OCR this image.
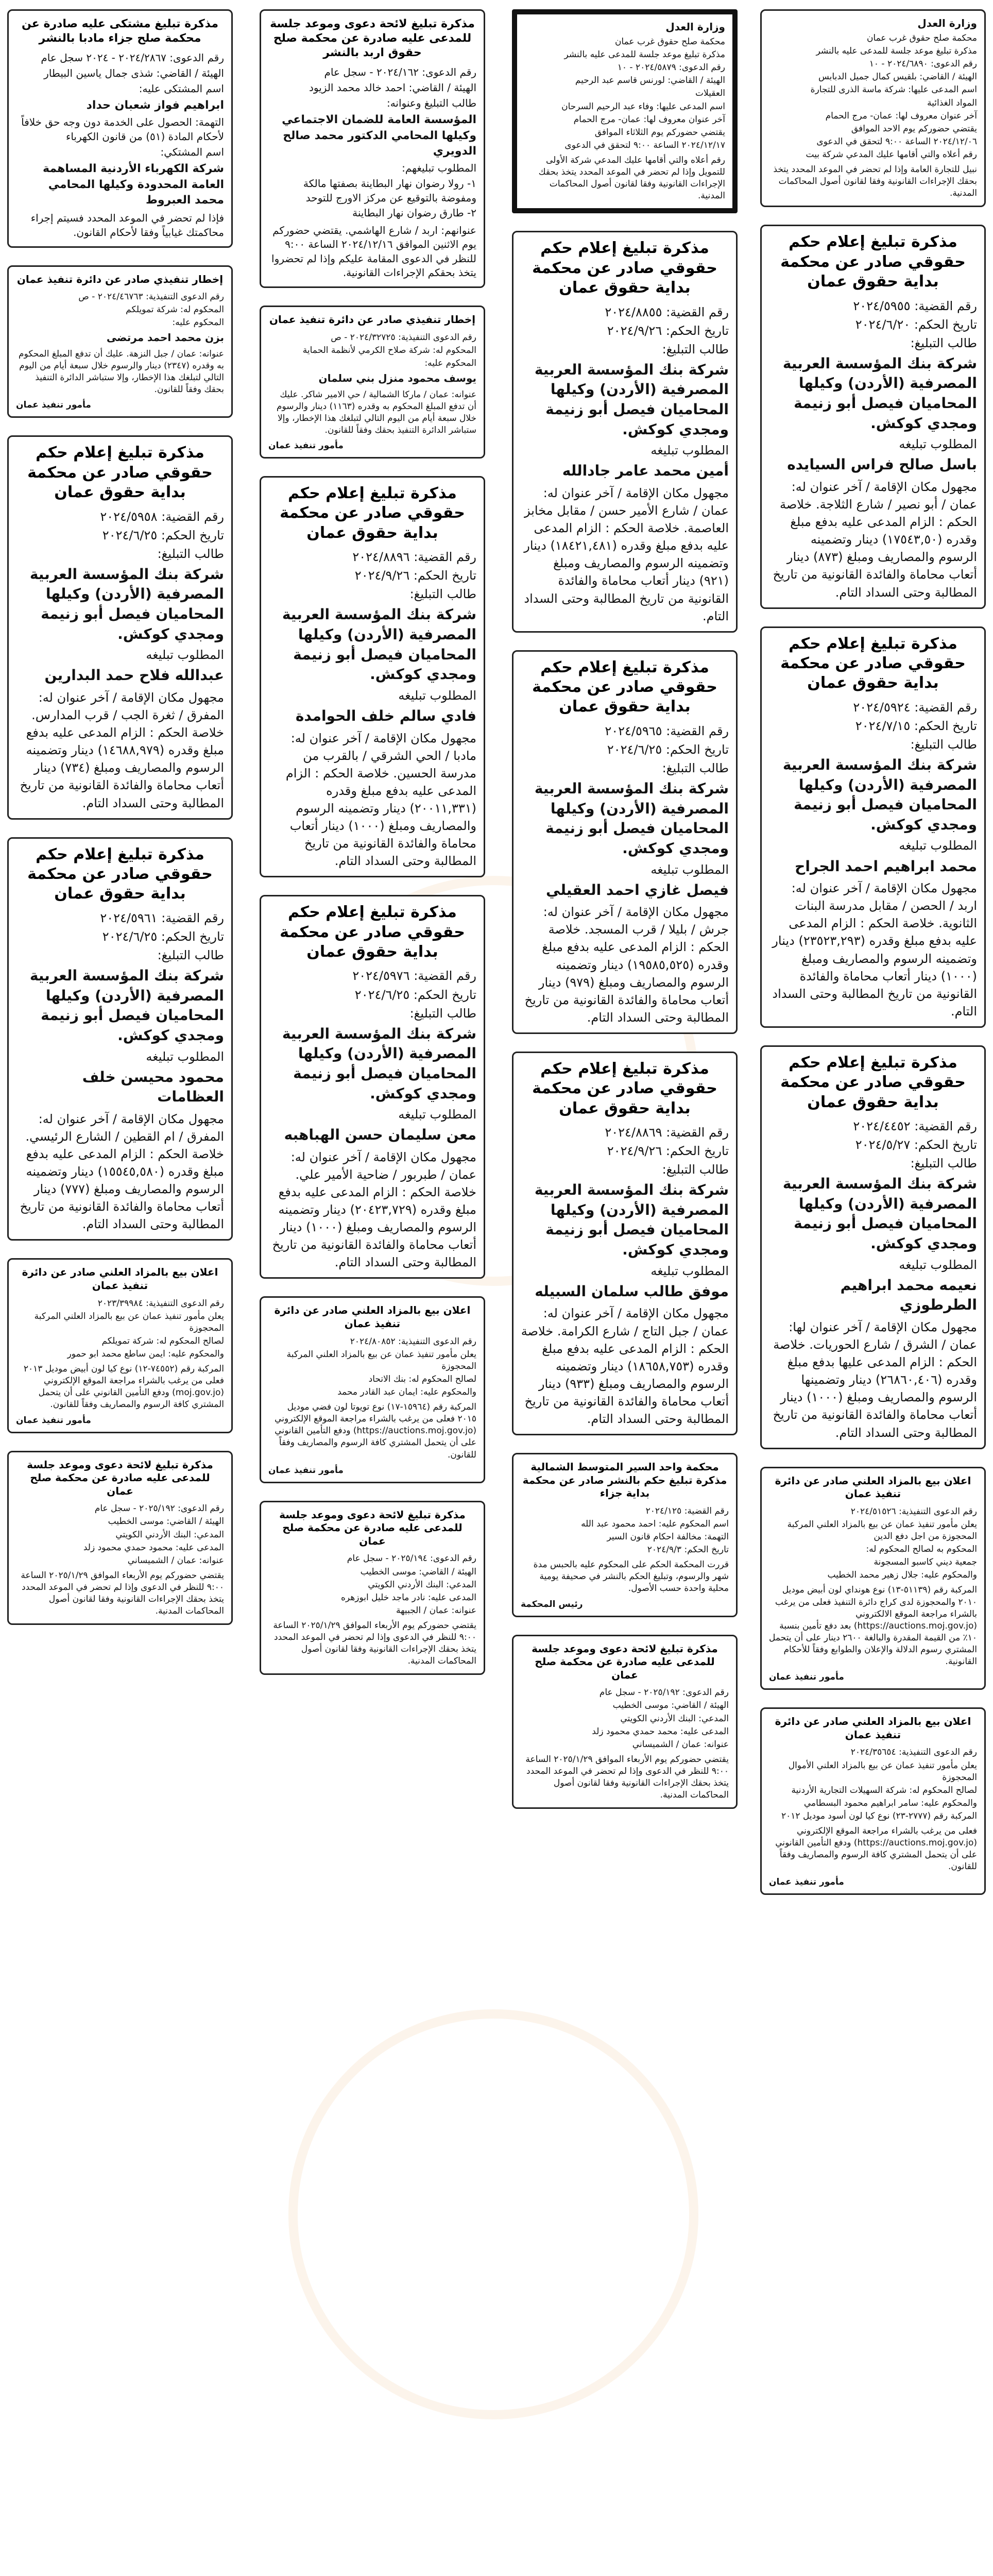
وزارة العدل
محكمة صلح حقوق غرب عمان
مذكرة تبليغ موعد جلسة للمدعى عليه بالنشر
رقم الدعوى: ٢٠٢٤/٦٨٩٠ - ١٠
الهيئة / القاضي: بلقيس كمال جميل الدبابس
اسم المدعى عليها: شركة ماسة الذرى للتجارة
المواد الغذائية
آخر عنوان معروف لها: عمان- مرج الحمام
يقتضي حضوركم يوم الاحد الموافق
٢٠٢٤/١٢/٠٦ الساعة ٩:٠٠ لتحقق في الدعوى
رقم أعلاه والتي أقامها عليك المدعي شركة بيت
نبيل للتجارة العامة وإذا لم تحضر في الموعد المحدد يتخذ بحقك الإجراءات القانونية وفقا لقانون أصول المحاكمات المدنية.
مذكرة تبليغ إعلام حكم حقوقي صادر عن محكمة بداية حقوق عمان
رقم القضية: ٢٠٢٤/٥٩٥٥
تاريخ الحكم: ٢٠٢٤/٦/٢٠
طالب التبليغ:
شركة بنك المؤسسة العربية المصرفية (الأردن) وكيلها المحاميان فيصل أبو زنيمة ومجدي كوكش.
المطلوب تبليغه
باسل صالح فراس السيايده
مجهول مكان الإقامة / آخر عنوان له: عمان / أبو نصير / شارع الثلاجة. خلاصة الحكم : الزام المدعى عليه بدفع مبلغ وقدره (١٧٥٤٣,٥٠) دينار وتضمينه الرسوم والمصاريف ومبلغ (٨٧٣) دينار أتعاب محاماة والفائدة القانونية من تاريخ المطالبة وحتى السداد التام.
مذكرة تبليغ إعلام حكم حقوقي صادر عن محكمة بداية حقوق عمان
رقم القضية: ٢٠٢٤/٥٩٢٤
تاريخ الحكم: ٢٠٢٤/٧/١٥
طالب التبليغ:
شركة بنك المؤسسة العربية المصرفية (الأردن) وكيلها المحاميان فيصل أبو زنيمة ومجدي كوكش.
المطلوب تبليغه
محمد ابراهيم احمد الجراح
مجهول مكان الإقامة / آخر عنوان له: اربد / الحصن / مقابل مدرسة البنات الثانوية. خلاصة الحكم : الزام المدعى عليه بدفع مبلغ وقدره (٢٣٥٢٣,٢٩٣) دينار وتضمينه الرسوم والمصاريف ومبلغ (١٠٠٠) دينار أتعاب محاماة والفائدة القانونية من تاريخ المطالبة وحتى السداد التام.
مذكرة تبليغ إعلام حكم حقوقي صادر عن محكمة بداية حقوق عمان
رقم القضية: ٢٠٢٤/٤٤٥٢
تاريخ الحكم: ٢٠٢٤/٥/٢٧
طالب التبليغ:
شركة بنك المؤسسة العربية المصرفية (الأردن) وكيلها المحاميان فيصل أبو زنيمة ومجدي كوكش.
المطلوب تبليغه
نعيمه محمد ابراهيم الطرطوزي
مجهول مكان الإقامة / آخر عنوان لها: عمان / الشرق / شارع الحوريات. خلاصة الحكم : الزام المدعى عليها بدفع مبلغ وقدره (٢٦٨٦٠,٤٠٦) دينار وتضمينها الرسوم والمصاريف ومبلغ (١٠٠٠) دينار أتعاب محاماة والفائدة القانونية من تاريخ المطالبة وحتى السداد التام.
اعلان بيع بالمزاد العلني صادر عن دائرة تنفيذ عمان
رقم الدعوى التنفيذية: ٢٠٢٤/٥١٥٢٦
يعلن مأمور تنفيذ عمان عن بيع بالمزاد العلني المركبة المحجوزة من اجل دفع الدين
المحكوم به لصالح المحكوم له:
جمعية ديني كاسبو المسجونة
والمحكوم عليه: جلال زهير محمد الخطيب
المركبة رقم (٥١١٣٩-١٣) نوع هونداي لون أبيض موديل ٢٠١٠ والمحجوزة لدى كراج دائرة التنفيذ فعلى من يرغب بالشراء مراجعة الموقع الالكتروني (https://auctions.moj.gov.jo) بعد دفع تأمين بنسبة ١٠٪ من القيمة المقدرة والبالغة ٢٦٠٠ دينار على أن يتحمل المشتري رسوم الدلالة والإعلان والطوابع وفقاً للأحكام القانونية.
مأمور تنفيذ عمان
اعلان بيع بالمزاد العلني صادر عن دائرة تنفيذ عمان
رقم الدعوى التنفيذية: ٢٠٢٤/٣٥٦٥٤
يعلن مأمور تنفيذ عمان عن بيع بالمزاد العلني الأموال المحجوزة
لصالح المحكوم له: شركة السهيلات التجارية الأردنية
والمحكوم عليه: سامر ابراهيم محمود البسطامي
المركبة رقم (٢٧٧٧-٢٣) نوع كيا لون أسود موديل ٢٠١٢
فعلى من يرغب بالشراء مراجعة الموقع الإلكتروني (https://auctions.moj.gov.jo) ودفع التأمين القانوني على أن يتحمل المشتري كافة الرسوم والمصاريف وفقاً للقانون.
مأمور تنفيذ عمان
وزارة العدل
محكمة صلح حقوق غرب عمان
مذكرة تبليغ موعد جلسة للمدعى عليه بالنشر
رقم الدعوى: ٢٠٢٤/٥٨٧٩ - ١٠
الهيئة / القاضي: لورنس قاسم عبد الرحيم
العقيلات
اسم المدعى عليها: وفاء عبد الرحيم السرحان
آخر عنوان معروف لها: عمان- مرج الحمام
يقتضي حضوركم يوم الثلاثاء الموافق
٢٠٢٤/١٢/١٧ الساعة ٩:٠٠ لتحقق في الدعوى
رقم أعلاه والتي أقامها عليك المدعي شركة الأولى للتمويل وإذا لم تحضر في الموعد المحدد يتخذ بحقك الإجراءات القانونية وفقا لقانون أصول المحاكمات المدنية.
مذكرة تبليغ إعلام حكم حقوقي صادر عن محكمة بداية حقوق عمان
رقم القضية: ٢٠٢٤/٨٨٥٥
تاريخ الحكم: ٢٠٢٤/٩/٢٦
طالب التبليغ:
شركة بنك المؤسسة العربية المصرفية (الأردن) وكيلها المحاميان فيصل أبو زنيمة ومجدي كوكش.
المطلوب تبليغه
أمين محمد عامر جادالله
مجهول مكان الإقامة / آخر عنوان له: عمان / شارع الأمير حسن / مقابل مخابز العاصمة. خلاصة الحكم : الزام المدعى عليه بدفع مبلغ وقدره (١٨٤٢١,٤٨١) دينار وتضمينه الرسوم والمصاريف ومبلغ (٩٢١) دينار أتعاب محاماة والفائدة القانونية من تاريخ المطالبة وحتى السداد التام.
مذكرة تبليغ إعلام حكم حقوقي صادر عن محكمة بداية حقوق عمان
رقم القضية: ٢٠٢٤/٥٩٦٥
تاريخ الحكم: ٢٠٢٤/٦/٢٥
طالب التبليغ:
شركة بنك المؤسسة العربية المصرفية (الأردن) وكيلها المحاميان فيصل أبو زنيمة ومجدي كوكش.
المطلوب تبليغه
فيصل غازي احمد العقيلي
مجهول مكان الإقامة / آخر عنوان له: جرش / بليلا / قرب المسجد. خلاصة الحكم : الزام المدعى عليه بدفع مبلغ وقدره (١٩٥٨٥,٥٢٥) دينار وتضمينه الرسوم والمصاريف ومبلغ (٩٧٩) دينار أتعاب محاماة والفائدة القانونية من تاريخ المطالبة وحتى السداد التام.
مذكرة تبليغ إعلام حكم حقوقي صادر عن محكمة بداية حقوق عمان
رقم القضية: ٢٠٢٤/٨٨٦٩
تاريخ الحكم: ٢٠٢٤/٩/٢٦
طالب التبليغ:
شركة بنك المؤسسة العربية المصرفية (الأردن) وكيلها المحاميان فيصل أبو زنيمة ومجدي كوكش.
المطلوب تبليغه
موفق طالب سلمان السبيله
مجهول مكان الإقامة / آخر عنوان له: عمان / جبل التاج / شارع الكرامة. خلاصة الحكم : الزام المدعى عليه بدفع مبلغ وقدره (١٨٦٥٨,٧٥٣) دينار وتضمينه الرسوم والمصاريف ومبلغ (٩٣٣) دينار أتعاب محاماة والفائدة القانونية من تاريخ المطالبة وحتى السداد التام.
محكمة واحد السير المتوسط الشمالية مذكرة تبليغ حكم بالنشر صادر عن محكمة بداية جزاء
رقم القضية: ٢٠٢٤/١٢٥
اسم المحكوم عليه: احمد محمود عبد الله
التهمة: مخالفة احكام قانون السير
تاريخ الحكم: ٢٠٢٤/٩/٣
قررت المحكمة الحكم على المحكوم عليه بالحبس مدة شهر والرسوم، وتبليغ الحكم بالنشر في صحيفة يومية محلية واحدة حسب الأصول.
رئيس المحكمة
مذكرة تبليغ لائحة دعوى وموعد جلسة للمدعى عليه صادرة عن محكمة صلح عمان
رقم الدعوى: ٢٠٢٥/١٩٢ - سجل عام
الهيئة / القاضي: موسى الخطيب
المدعي: البنك الأردني الكويتي
المدعى عليه: محمد حمدي محمود زلد
عنوانه: عمان / الشميساني
يقتضي حضوركم يوم الأربعاء الموافق ٢٠٢٥/١/٢٩ الساعة ٩:٠٠ للنظر في الدعوى وإذا لم تحضر في الموعد المحدد يتخذ بحقك الإجراءات القانونية وفقا لقانون أصول المحاكمات المدنية.
مذكرة تبليغ لائحة دعوى وموعد جلسة للمدعى عليه صادرة عن محكمة صلح حقوق اربد بالنشر
رقم الدعوى: ٢٠٢٤/١٦٢ - سجل عام
الهيئة / القاضي: احمد خالد محمد الزيود
طالب التبليغ وعنوانه:
المؤسسة العامة للضمان الاجتماعي وكيلها المحامي الدكتور محمد صالح الدويري
المطلوب تبليغهم:
١- رولا رضوان نهار البطاينة بصفتها مالكة ومفوضة بالتوقيع عن مركز الاورج للتوحد
٢- طارق رضوان نهار البطاينة
عنوانهم: اربد / شارع الهاشمي. يقتضي حضوركم يوم الاثنين الموافق ٢٠٢٤/١٢/١٦ الساعة ٩:٠٠ للنظر في الدعوى المقامة عليكم وإذا لم تحضروا يتخذ بحقكم الإجراءات القانونية.
إخطار تنفيذي صادر عن دائرة تنفيذ عمان
رقم الدعوى التنفيذية: ٢٠٢٤/٣٢٧٢٥ - ص
المحكوم له: شركة صلاح الكرمي لأنظمة الحماية
المحكوم عليه:
يوسف محمود منزل بني سلمان
عنوانه: عمان / ماركا الشمالية / حي الامير شاكر. عليك أن تدفع المبلغ المحكوم به وقدره (١١٦٣) دينار والرسوم خلال سبعة أيام من اليوم التالي لتبلغك هذا الإخطار، وإلا ستباشر الدائرة التنفيذ بحقك وفقاً للقانون.
مأمور تنفيذ عمان
مذكرة تبليغ إعلام حكم حقوقي صادر عن محكمة بداية حقوق عمان
رقم القضية: ٢٠٢٤/٨٨٩٦
تاريخ الحكم: ٢٠٢٤/٩/٢٦
طالب التبليغ:
شركة بنك المؤسسة العربية المصرفية (الأردن) وكيلها المحاميان فيصل أبو زنيمة ومجدي كوكش.
المطلوب تبليغه
فادي سالم خلف الحوامدة
مجهول مكان الإقامة / آخر عنوان له: مادبا / الحي الشرقي / بالقرب من مدرسة الحسين. خلاصة الحكم : الزام المدعى عليه بدفع مبلغ وقدره (٢٠٠١١,٣٣١) دينار وتضمينه الرسوم والمصاريف ومبلغ (١٠٠٠) دينار أتعاب محاماة والفائدة القانونية من تاريخ المطالبة وحتى السداد التام.
مذكرة تبليغ إعلام حكم حقوقي صادر عن محكمة بداية حقوق عمان
رقم القضية: ٢٠٢٤/٥٩٧٦
تاريخ الحكم: ٢٠٢٤/٦/٢٥
طالب التبليغ:
شركة بنك المؤسسة العربية المصرفية (الأردن) وكيلها المحاميان فيصل أبو زنيمة ومجدي كوكش.
المطلوب تبليغه
معن سليمان حسن الهباهبه
مجهول مكان الإقامة / آخر عنوان له: عمان / طبربور / ضاحية الأمير علي. خلاصة الحكم : الزام المدعى عليه بدفع مبلغ وقدره (٢٠٤٢٣,٧٢٩) دينار وتضمينه الرسوم والمصاريف ومبلغ (١٠٠٠) دينار أتعاب محاماة والفائدة القانونية من تاريخ المطالبة وحتى السداد التام.
اعلان بيع بالمزاد العلني صادر عن دائرة تنفيذ عمان
رقم الدعوى التنفيذية: ٢٠٢٤/٨٠٨٥٢
يعلن مأمور تنفيذ عمان عن بيع بالمزاد العلني المركبة المحجوزة
لصالح المحكوم له: بنك الاتحاد
والمحكوم عليه: ايمان عبد القادر محمد
المركبة رقم (١٥٩٦٤-١٧) نوع تويوتا لون فضي موديل ٢٠١٥ فعلى من يرغب بالشراء مراجعة الموقع الإلكتروني (https://auctions.moj.gov.jo) ودفع التأمين القانوني على أن يتحمل المشتري كافة الرسوم والمصاريف وفقاً للقانون.
مأمور تنفيذ عمان
مذكرة تبليغ لائحة دعوى وموعد جلسة للمدعى عليه صادرة عن محكمة صلح عمان
رقم الدعوى: ٢٠٢٥/١٩٤ - سجل عام
الهيئة / القاضي: موسى الخطيب
المدعي: البنك الأردني الكويتي
المدعى عليه: نادر ماجد خليل ابوزهره
عنوانه: عمان / الجبيهة
يقتضي حضوركم يوم الأربعاء الموافق ٢٠٢٥/١/٢٩ الساعة ٩:٠٠ للنظر في الدعوى وإذا لم تحضر في الموعد المحدد يتخذ بحقك الإجراءات القانونية وفقا لقانون أصول المحاكمات المدنية.
مذكرة تبليغ مشتكى عليه صادرة عن محكمة صلح جزاء مادبا بالنشر
رقم الدعوى: ٢٠٢٤/٢٨٦٧ - ٢٠٢٤ سجل عام
الهيئة / القاضي: شذى جمال ياسين البيطار
اسم المشتكى عليه:
ابراهيم فواز شعبان حداد
التهمة: الحصول على الخدمة دون وجه حق خلافاً لأحكام المادة (٥١) من قانون الكهرباء
اسم المشتكي:
شركة الكهرباء الأردنية المساهمة العامة المحدودة وكيلها المحامي محمد العبروط
فإذا لم تحضر في الموعد المحدد فسيتم إجراء محاكمتك غيابياً وفقا لأحكام القانون.
إخطار تنفيذي صادر عن دائرة تنفيذ عمان
رقم الدعوى التنفيذية: ٢٠٢٤/٤٦٧٦٣ - ص
المحكوم له: شركة تمويلكم
المحكوم عليه:
بزن محمد احمد مرتضى
عنوانه: عمان / جبل النزهة. عليك أن تدفع المبلغ المحكوم به وقدره (٢٣٤٧) دينار والرسوم خلال سبعة أيام من اليوم التالي لتبلغك هذا الإخطار، وإلا ستباشر الدائرة التنفيذ بحقك وفقاً للقانون.
مأمور تنفيذ عمان
مذكرة تبليغ إعلام حكم حقوقي صادر عن محكمة بداية حقوق عمان
رقم القضية: ٢٠٢٤/٥٩٥٨
تاريخ الحكم: ٢٠٢٤/٦/٢٥
طالب التبليغ:
شركة بنك المؤسسة العربية المصرفية (الأردن) وكيلها المحاميان فيصل أبو زنيمة ومجدي كوكش.
المطلوب تبليغه
عبدالله فلاح حمد البدارين
مجهول مكان الإقامة / آخر عنوان له: المفرق / ثغرة الجب / قرب المدارس. خلاصة الحكم : الزام المدعى عليه بدفع مبلغ وقدره (١٤٦٨٨,٩٧٩) دينار وتضمينه الرسوم والمصاريف ومبلغ (٧٣٤) دينار أتعاب محاماة والفائدة القانونية من تاريخ المطالبة وحتى السداد التام.
مذكرة تبليغ إعلام حكم حقوقي صادر عن محكمة بداية حقوق عمان
رقم القضية: ٢٠٢٤/٥٩٦١
تاريخ الحكم: ٢٠٢٤/٦/٢٥
طالب التبليغ:
شركة بنك المؤسسة العربية المصرفية (الأردن) وكيلها المحاميان فيصل أبو زنيمة ومجدي كوكش.
المطلوب تبليغه
محمود محيسن خلف العظامات
مجهول مكان الإقامة / آخر عنوان له: المفرق / ام القطين / الشارع الرئيسي. خلاصة الحكم : الزام المدعى عليه بدفع مبلغ وقدره (١٥٥٤٥,٥٨٠) دينار وتضمينه الرسوم والمصاريف ومبلغ (٧٧٧) دينار أتعاب محاماة والفائدة القانونية من تاريخ المطالبة وحتى السداد التام.
اعلان بيع بالمزاد العلني صادر عن دائرة تنفيذ عمان
رقم الدعوى التنفيذية: ٢٠٢٣/٣٩٩٨٤
يعلن مأمور تنفيذ عمان عن بيع بالمزاد العلني المركبة المحجوزة
لصالح المحكوم له: شركة تمويلكم
والمحكوم عليه: ايمن ساطع محمد ابو حمور
المركبة رقم (٧٤٥٥٢-١٢) نوع كيا لون أبيض موديل ٢٠١٣ فعلى من يرغب بالشراء مراجعة الموقع الإلكتروني (moj.gov.jo) ودفع التأمين القانوني على أن يتحمل المشتري كافة الرسوم والمصاريف وفقاً للقانون.
مأمور تنفيذ عمان
مذكرة تبليغ لائحة دعوى وموعد جلسة للمدعى عليه صادرة عن محكمة صلح عمان
رقم الدعوى: ٢٠٢٥/١٩٢ - سجل عام
الهيئة / القاضي: موسى الخطيب
المدعي: البنك الأردني الكويتي
المدعى عليه: محمود حمدي محمود زلد
عنوانه: عمان / الشميساني
يقتضي حضوركم يوم الأربعاء الموافق ٢٠٢٥/١/٢٩ الساعة ٩:٠٠ للنظر في الدعوى وإذا لم تحضر في الموعد المحدد يتخذ بحقك الإجراءات القانونية وفقا لقانون أصول المحاكمات المدنية.
